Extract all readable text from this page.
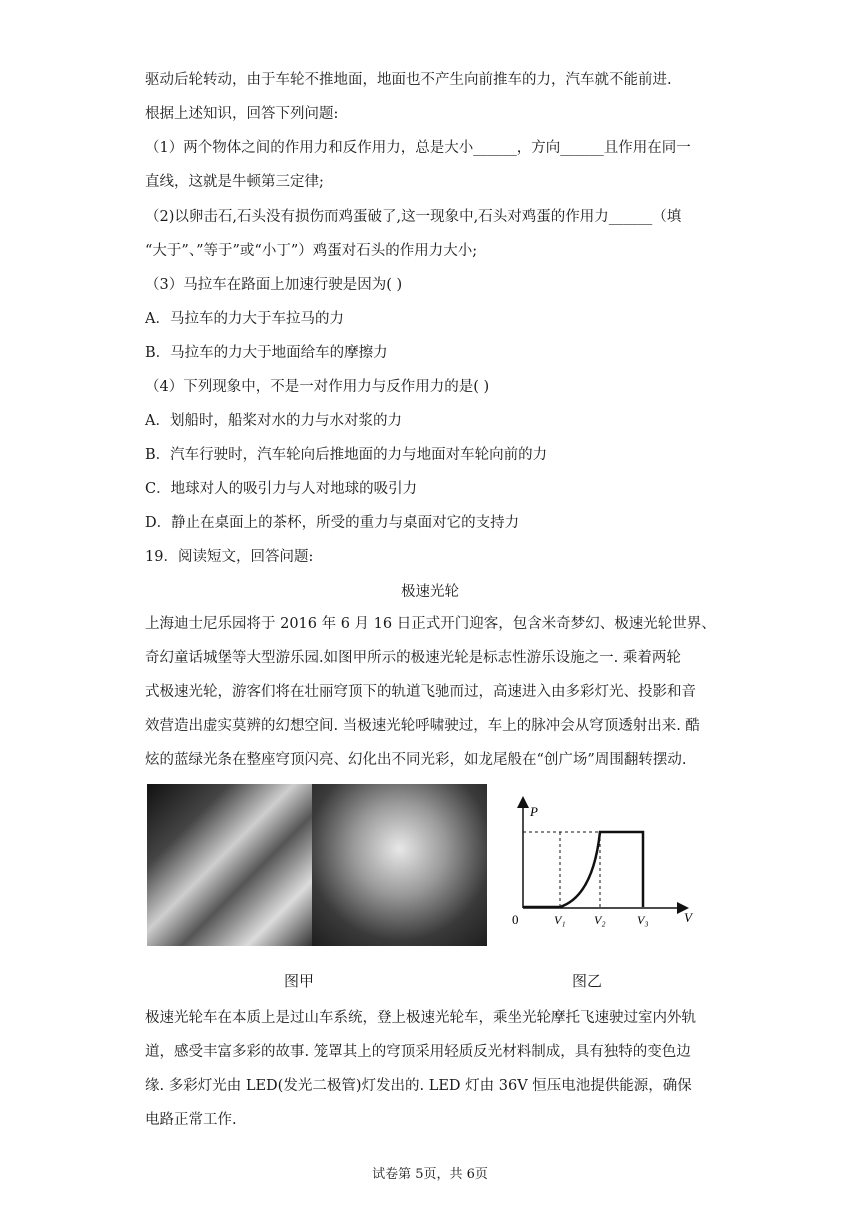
驱动后轮转动，由于车轮不推地面，地面也不产生向前推车的力，汽车就不能前进.
根据上述知识，回答下列问题:
（1）两个物体之间的作用力和反作用力，总是大小______，方向______且作用在同一
直线，这就是牛顿第三定律;
（2)以卵击石,石头没有损伤而鸡蛋破了,这一现象中,石头对鸡蛋的作用力______（填
“大于”、”等于”或“小丁”）鸡蛋对石头的作用力大小;
（3）马拉车在路面上加速行驶是因为( )
A．马拉车的力大于车拉马的力
B．马拉车的力大于地面给车的摩擦力
（4）下列现象中，不是一对作用力与反作用力的是( )
A．划船时，船桨对水的力与水对浆的力
B．汽车行驶时，汽车轮向后推地面的力与地面对车轮向前的力
C．地球对人的吸引力与人对地球的吸引力
D．静止在桌面上的茶杯，所受的重力与桌面对它的支持力
19．阅读短文，回答问题:
极速光轮
上海迪士尼乐园将于 2016 年 6 月 16 日正式开门迎客，包含米奇梦幻、极速光轮世界、
奇幻童话城堡等大型游乐园.如图甲所示的极速光轮是标志性游乐设施之一. 乘着两轮
式极速光轮，游客们将在壮丽穹顶下的轨道飞驰而过，高速进入由多彩灯光、投影和音
效营造出虚实莫辨的幻想空间. 当极速光轮呼啸驶过，车上的脉冲会从穹顶透射出来. 酷
炫的蓝绿光条在整座穹顶闪亮、幻化出不同光彩，如龙尾般在“创广场”周围翻转摆动.
P
V
0	V₁ V₂	V₃
图甲	图乙
极速光轮车在本质上是过山车系统，登上极速光轮车，乘坐光轮摩托飞速驶过室内外轨
道，感受丰富多彩的故事. 笼罩其上的穹顶采用轻质反光材料制成，具有独特的变色边
缘. 多彩灯光由 LED(发光二极管)灯发出的. LED 灯由 36V 恒压电池提供能源，确保
电路正常工作.
试卷第 5页，共 6页
